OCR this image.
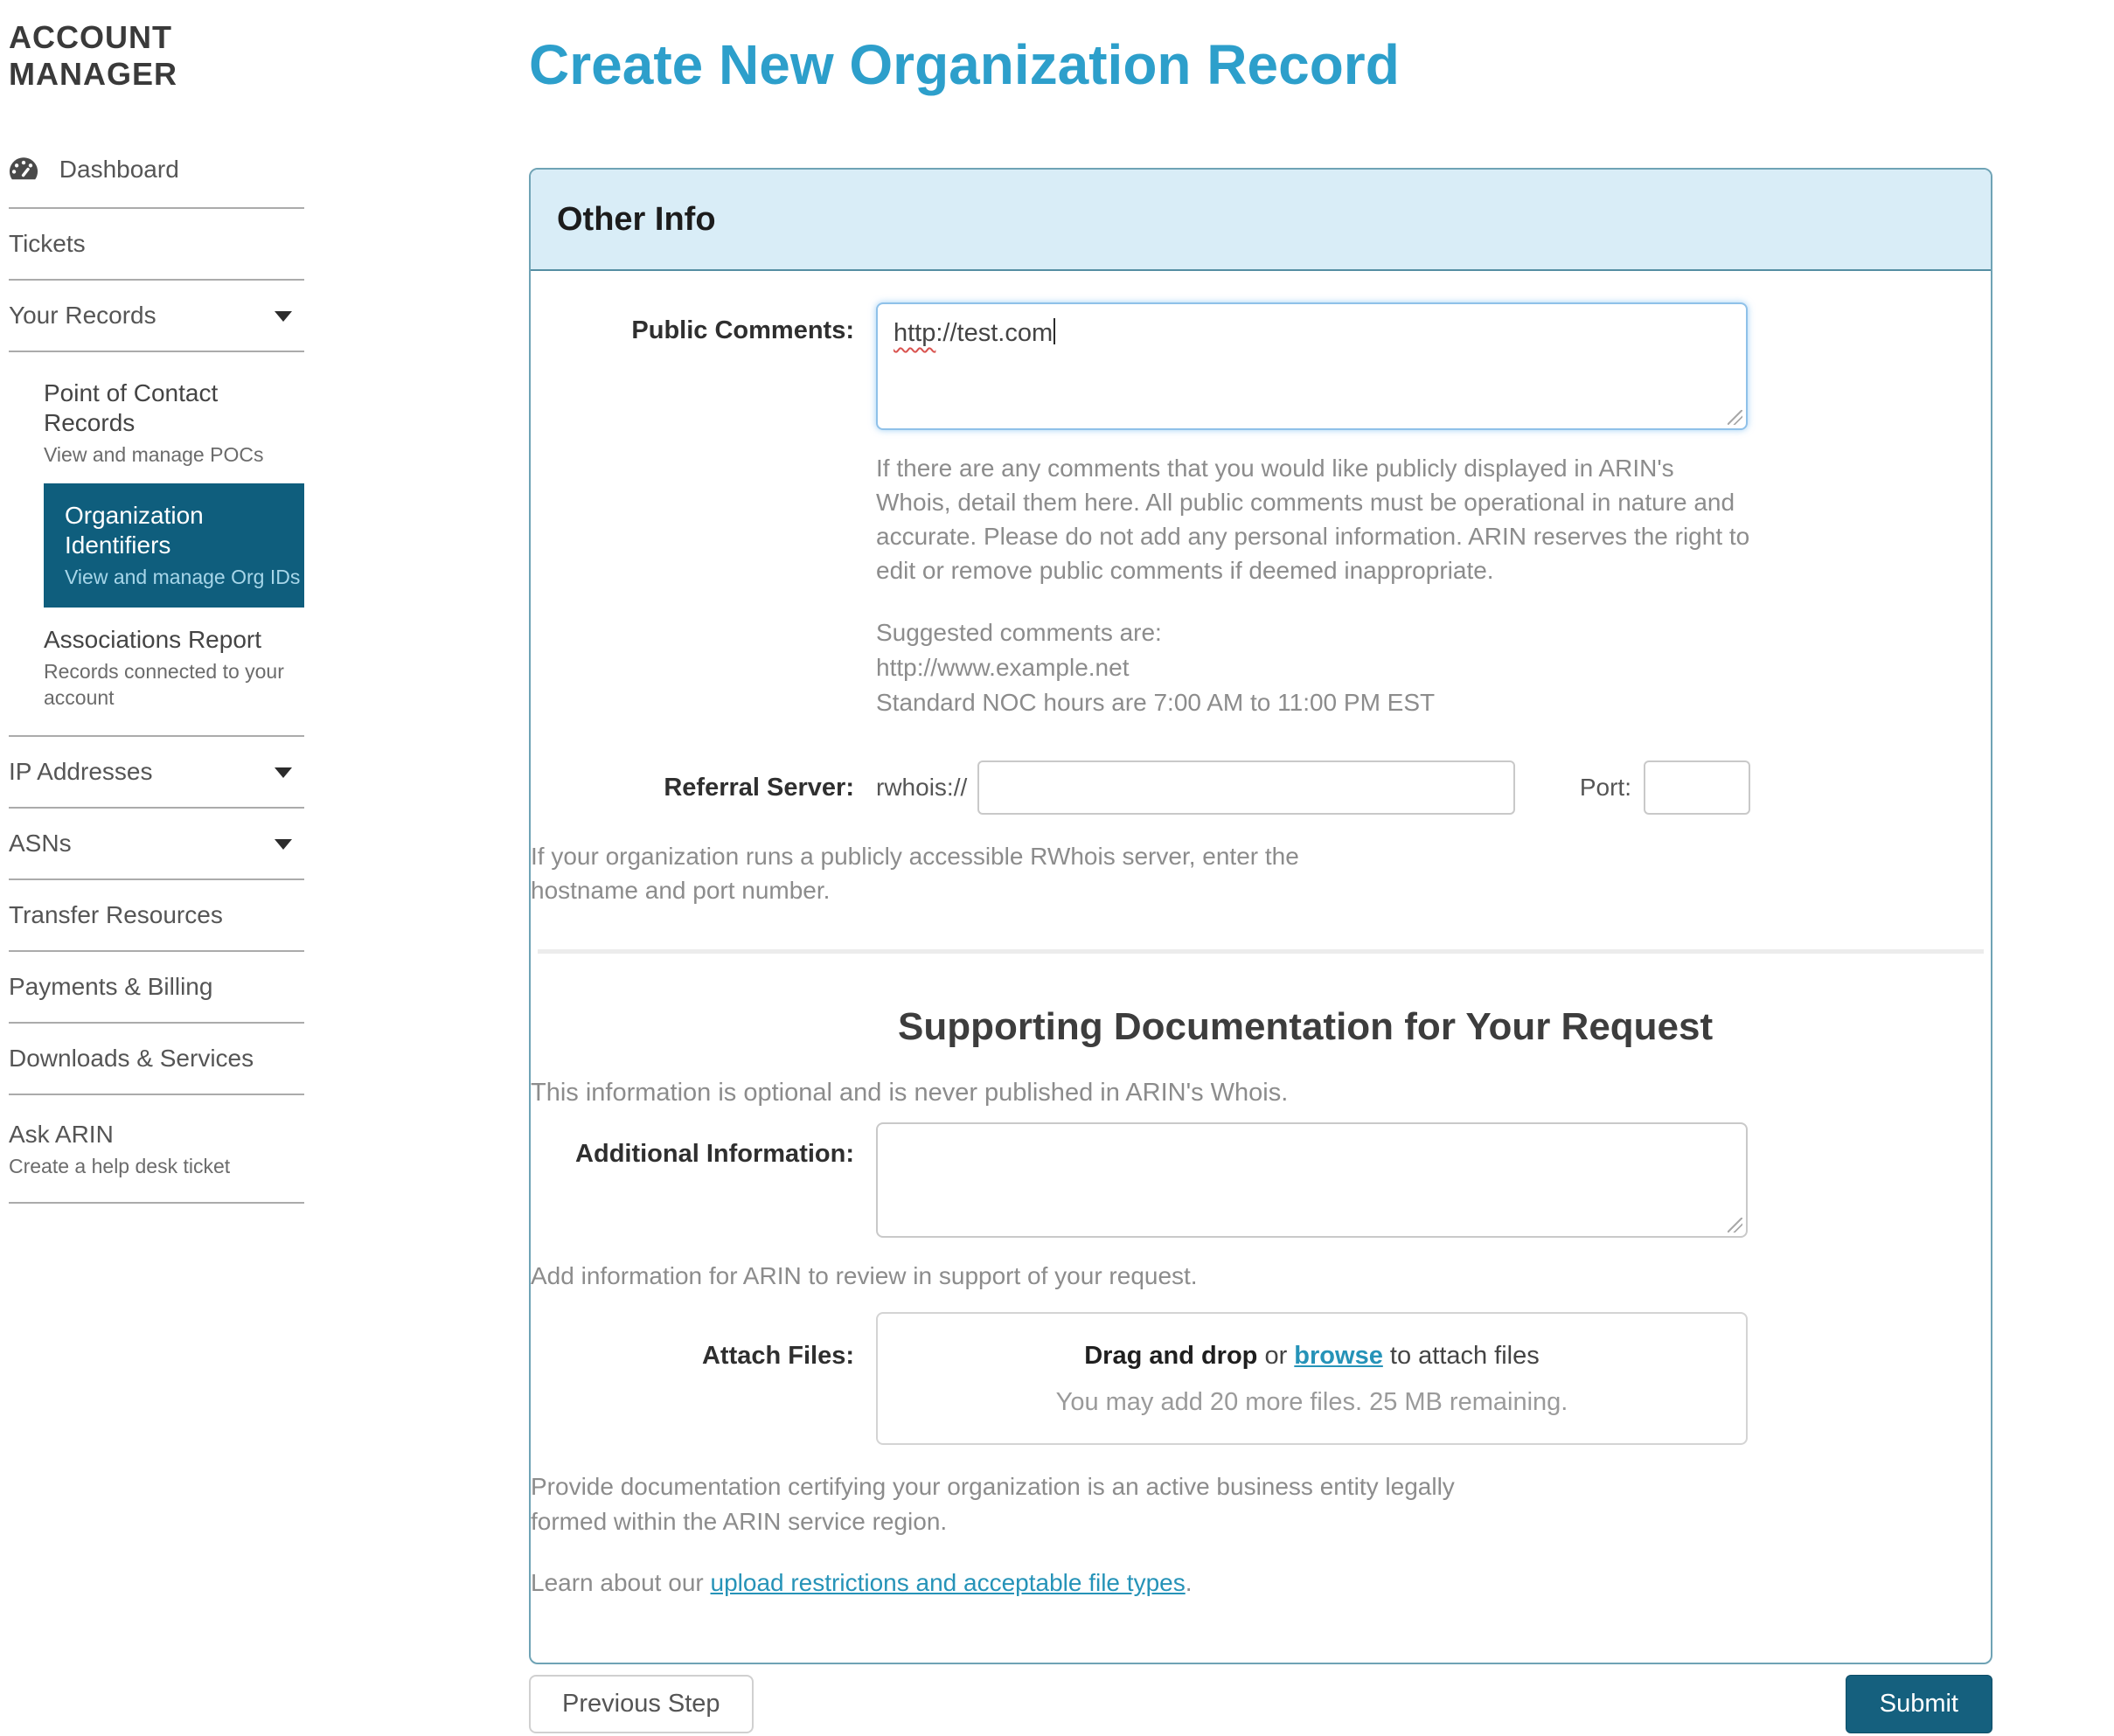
ACCOUNT MANAGER
Dashboard
Tickets
Your Records
Point of Contact Records
View and manage POCs
Organization Identifiers
View and manage Org IDs
Associations Report
Records connected to your account
IP Addresses
ASNs
Transfer Resources
Payments & Billing
Downloads & Services
Ask ARIN
Create a help desk ticket
Create New Organization Record
Other Info
Public Comments:	http://test.com

If there are any comments that you would like publicly displayed in ARIN's Whois, detail them here. All public comments must be operational in nature and accurate. Please do not add any personal information. ARIN reserves the right to edit or remove public comments if deemed inappropriate.

Suggested comments are:
http://www.example.net
Standard NOC hours are 7:00 AM to 11:00 PM EST
Referral Server: rwhois://	Port:

If your organization runs a publicly accessible RWhois server, enter the hostname and port number.

Supporting Documentation for Your Request

This information is optional and is never published in ARIN's Whois.

Additional Information:

Add information for ARIN to review in support of your request.

Attach Files:	Drag and drop or browse to attach files
You may add 20 more files. 25 MB remaining.

Provide documentation certifying your organization is an active business entity legally formed within the ARIN service region.

Learn about our upload restrictions and acceptable file types.

Previous Step	Submit
